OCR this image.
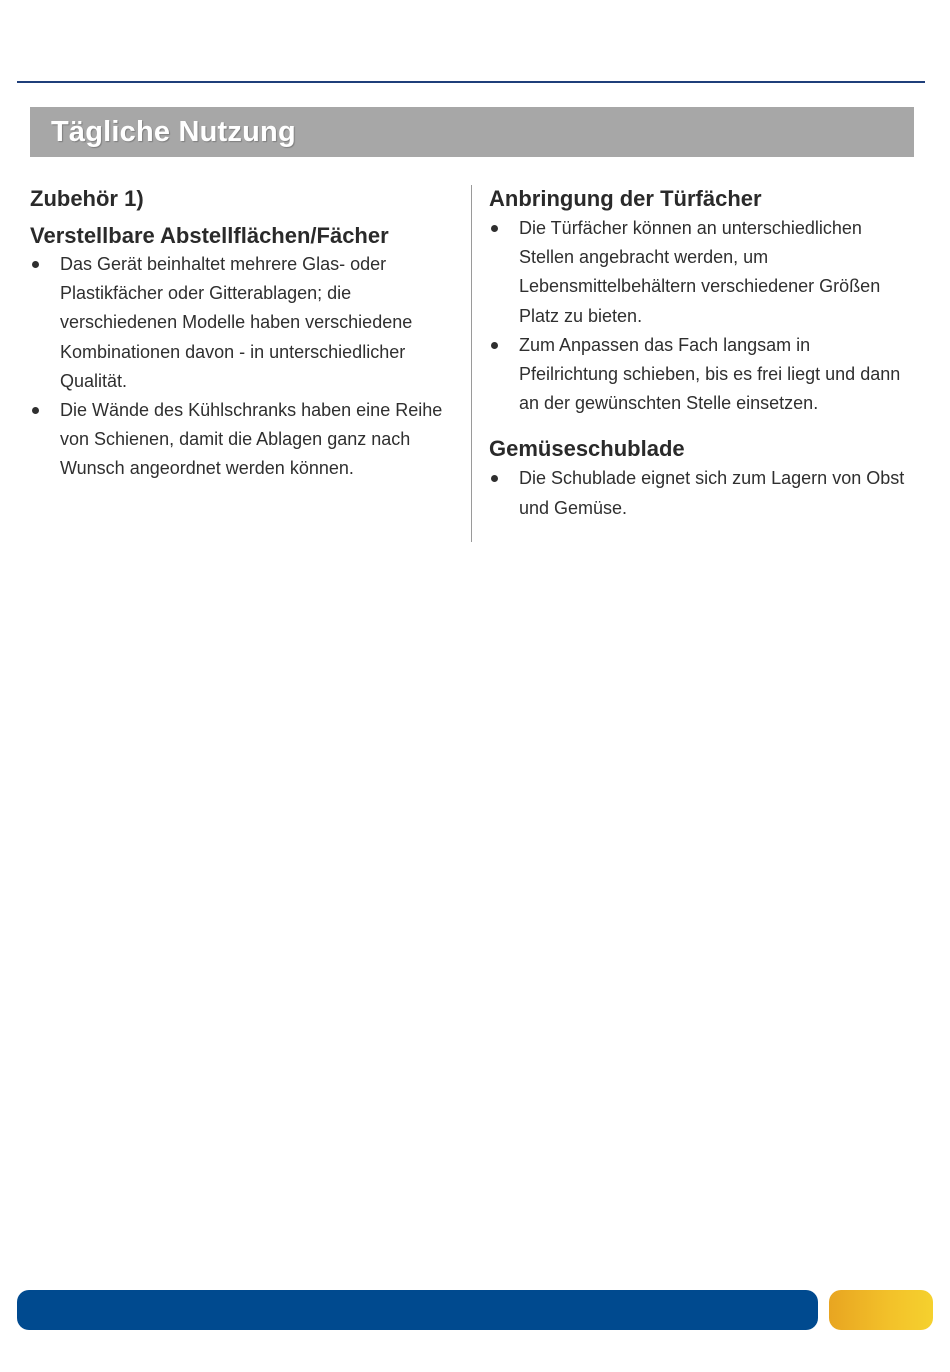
Tägliche Nutzung
Zubehör 1)
Verstellbare Abstellflächen/Fächer
Das Gerät beinhaltet mehrere Glas- oder Plastikfächer oder Gitterablagen; die verschiedenen Modelle haben verschiedene Kombinationen davon - in unterschiedlicher Qualität.
Die Wände des Kühlschranks haben eine Reihe von Schienen, damit die Ablagen ganz nach Wunsch angeordnet werden können.
Anbringung der Türfächer
Die Türfächer können an unterschiedlichen Stellen angebracht werden, um Lebensmittelbehältern verschiedener Größen Platz zu bieten.
Zum Anpassen das Fach langsam in Pfeilrichtung schieben, bis es frei liegt und dann an der gewünschten Stelle einsetzen.
Gemüseschublade
Die Schublade eignet sich zum Lagern von Obst und Gemüse.
